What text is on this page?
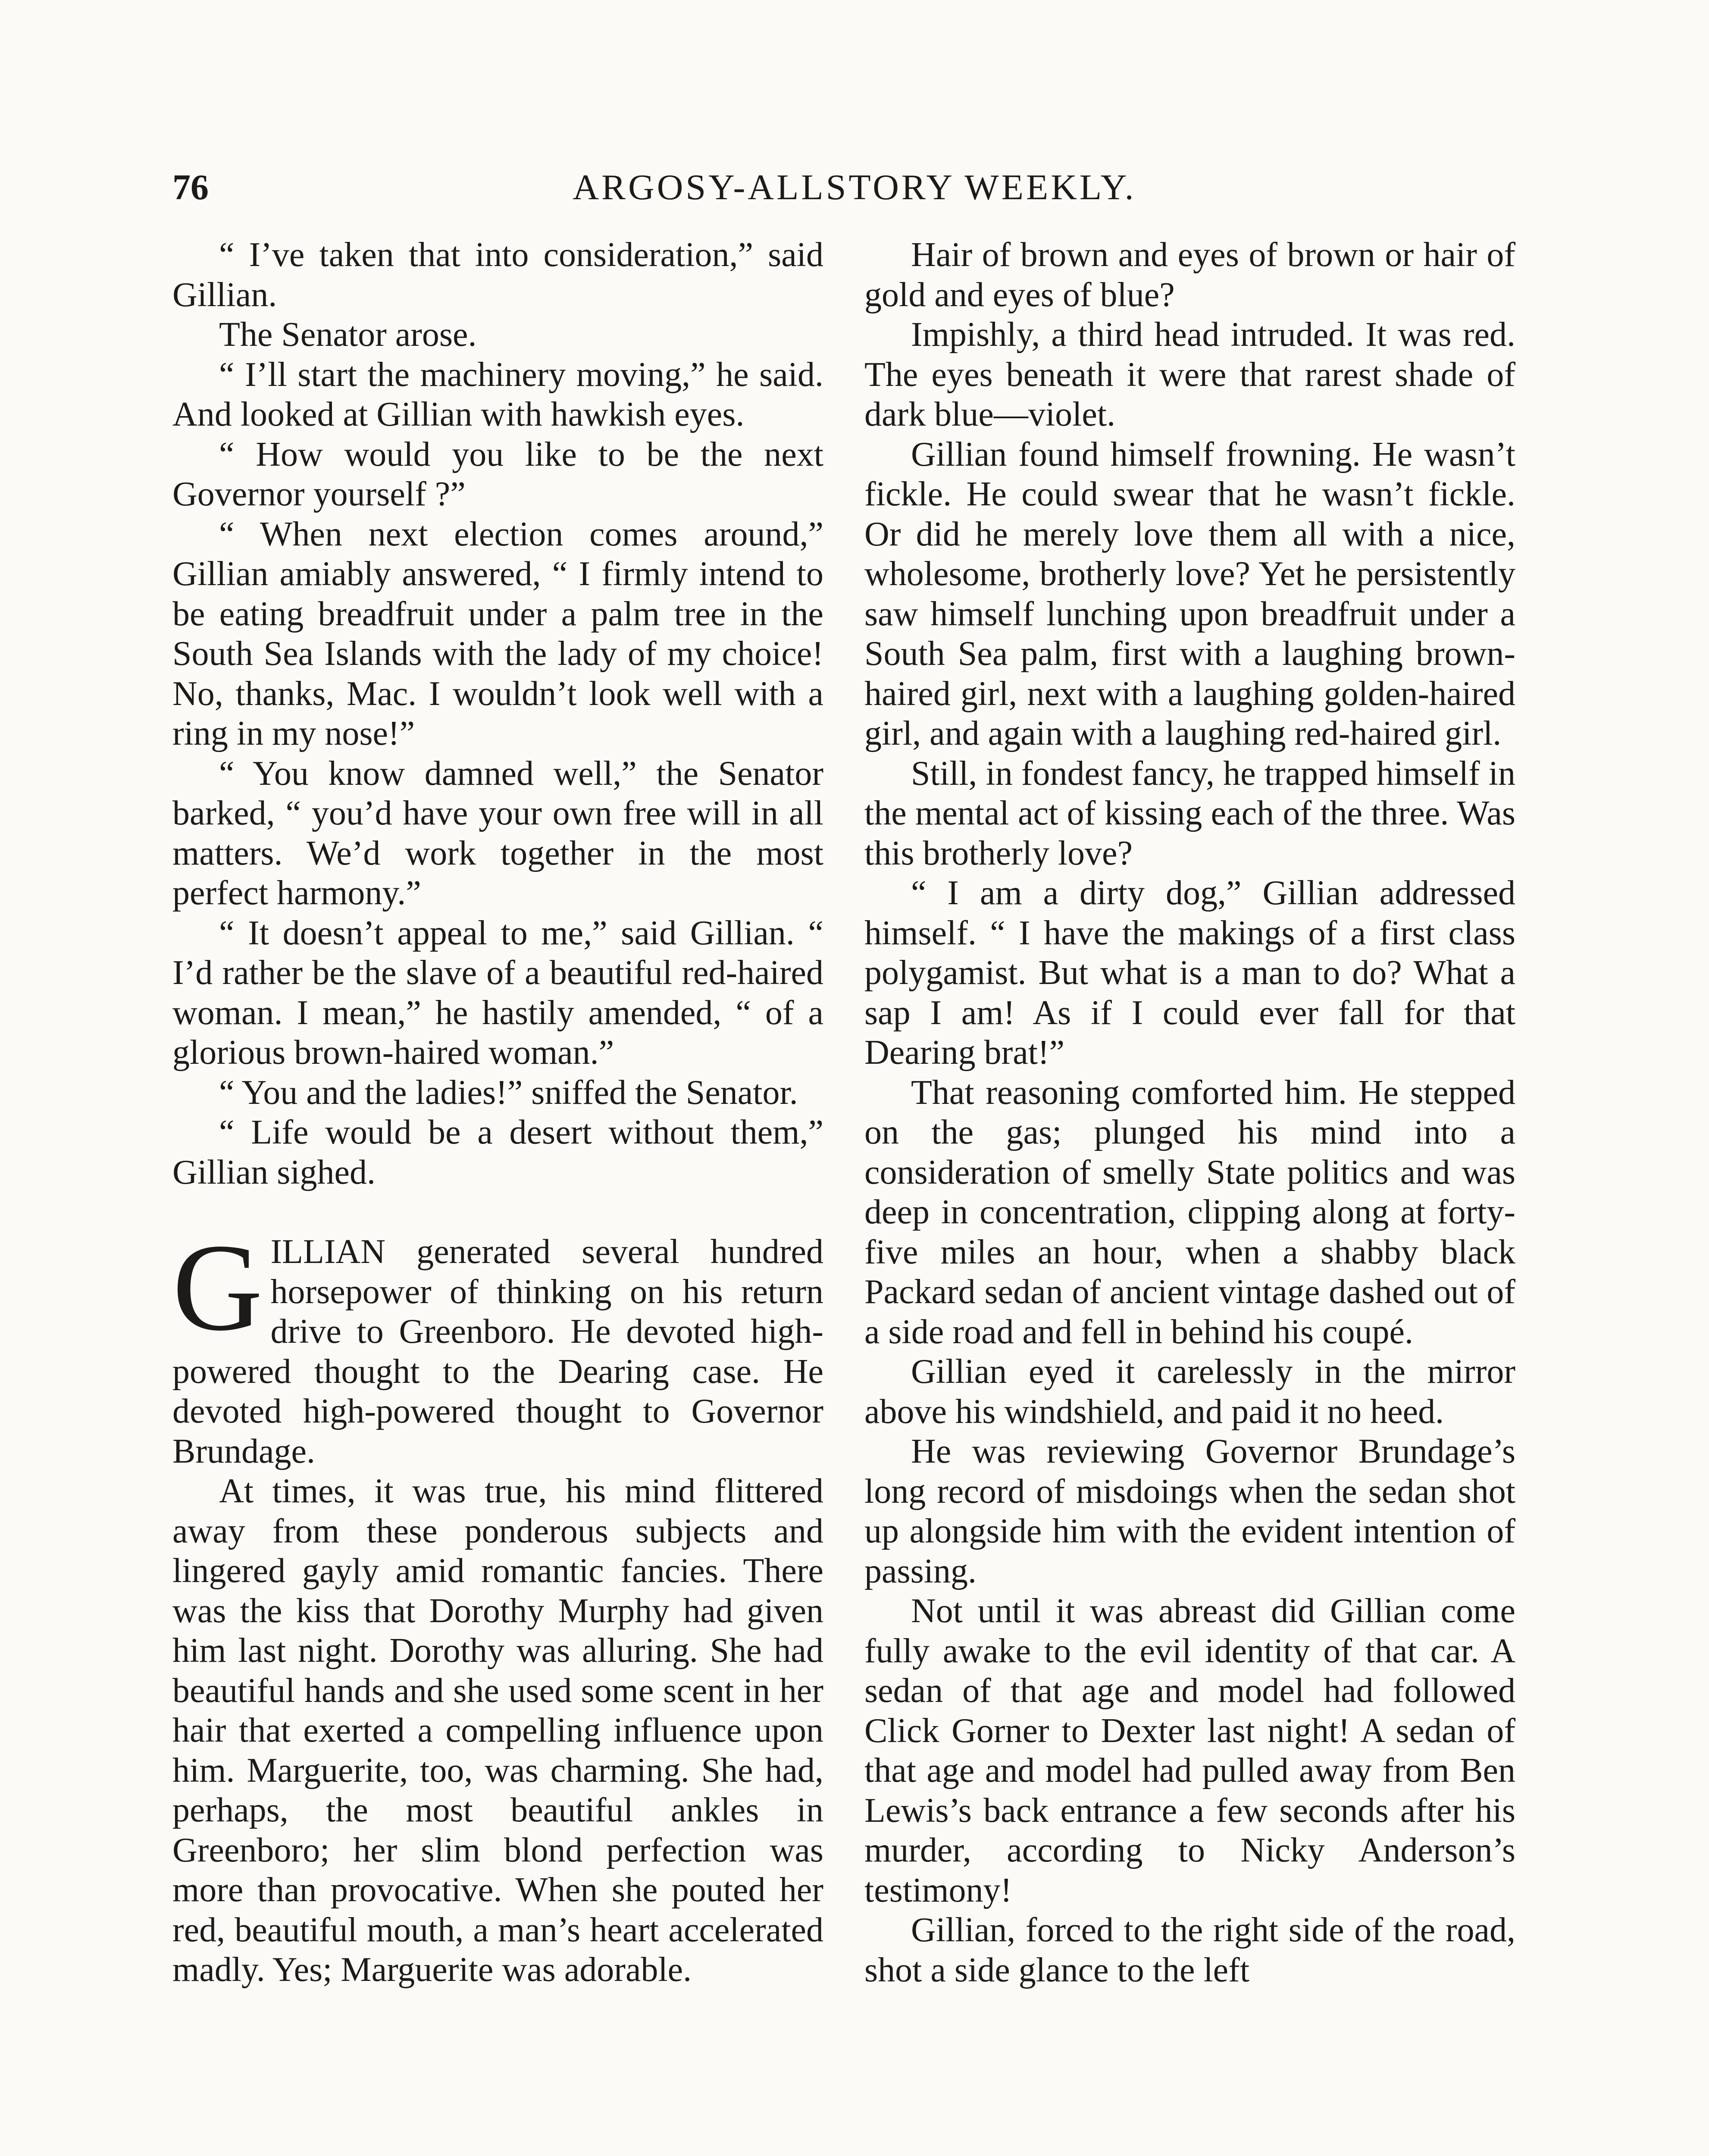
76	ARGOSY-ALLSTORY WEEKLY.

“ I’ve taken that into consideration,” said Gillian.

The Senator arose.

“ I’ll start the machinery moving,” he said. And looked at Gillian with hawkish eyes.

“ How would you like to be the next Governor yourself ?”

“ When next election comes around,” Gillian amiably answered, “ I firmly intend to be eating breadfruit under a palm tree in the South Sea Islands with the lady of my choice! No, thanks, Mac. I wouldn’t look well with a ring in my nose!”

“ You know damned well,” the Senator barked, “ you’d have your own free will in all matters. We’d work together in the most perfect harmony.”

“ It doesn’t appeal to me,” said Gillian. “ I’d rather be the slave of a beautiful red-haired woman. I mean,” he hastily amended, “ of a glorious brown-haired woman.”

“ You and the ladies!” sniffed the Senator.

“ Life would be a desert without them,” Gillian sighed.

GILLIAN generated several hundred horsepower of thinking on his return drive to Greenboro. He devoted high-powered thought to the Dearing case. He devoted high-powered thought to Governor Brundage.

At times, it was true, his mind flittered away from these ponderous subjects and lingered gayly amid romantic fancies. There was the kiss that Dorothy Murphy had given him last night. Dorothy was alluring. She had beautiful hands and she used some scent in her hair that exerted a compelling influence upon him. Marguerite, too, was charming. She had, perhaps, the most beautiful ankles in Greenboro; her slim blond perfection was more than provocative. When she pouted her red, beautiful mouth, a man’s heart accelerated madly. Yes; Marguerite was adorable.

Hair of brown and eyes of brown or hair of gold and eyes of blue?

Impishly, a third head intruded. It was red. The eyes beneath it were that rarest shade of dark blue—violet.

Gillian found himself frowning. He wasn’t fickle. He could swear that he wasn’t fickle. Or did he merely love them all with a nice, wholesome, brotherly love? Yet he persistently saw himself lunching upon breadfruit under a South Sea palm, first with a laughing brown-haired girl, next with a laughing golden-haired girl, and again with a laughing red-haired girl.

Still, in fondest fancy, he trapped himself in the mental act of kissing each of the three. Was this brotherly love?

“ I am a dirty dog,” Gillian addressed himself. “ I have the makings of a first class polygamist. But what is a man to do? What a sap I am! As if I could ever fall for that Dearing brat!”

That reasoning comforted him. He stepped on the gas; plunged his mind into a consideration of smelly State politics and was deep in concentration, clipping along at forty-five miles an hour, when a shabby black Packard sedan of ancient vintage dashed out of a side road and fell in behind his coupé.

Gillian eyed it carelessly in the mirror above his windshield, and paid it no heed.

He was reviewing Governor Brundage’s long record of misdoings when the sedan shot up alongside him with the evident intention of passing.

Not until it was abreast did Gillian come fully awake to the evil identity of that car. A sedan of that age and model had followed Click Gorner to Dexter last night! A sedan of that age and model had pulled away from Ben Lewis’s back entrance a few seconds after his murder, according to Nicky Anderson’s testimony!

Gillian, forced to the right side of the road, shot a side glance to the left
